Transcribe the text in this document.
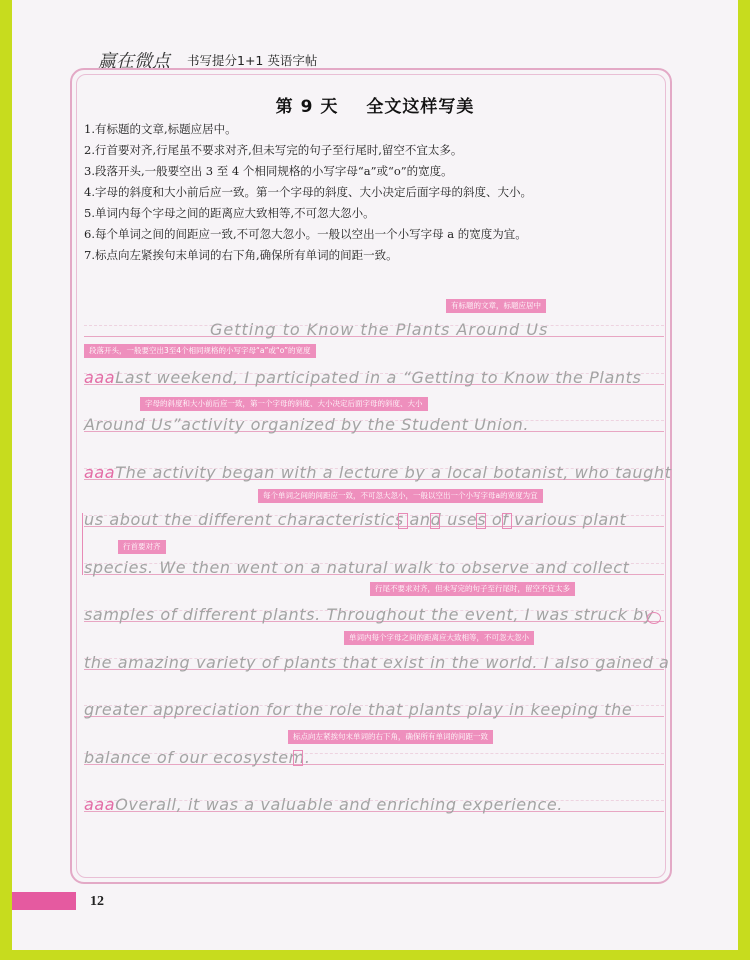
赢在微点 书写提分1+1 英语字帖
第 9 天 全文这样写美
1.有标题的文章,标题应居中。
2.行首要对齐,行尾虽不要求对齐,但未写完的句子至行尾时,留空不宜太多。
3.段落开头,一般要空出 3 至 4 个相同规格的小写字母“a”或“o”的宽度。
4.字母的斜度和大小前后应一致。第一个字母的斜度、大小决定后面字母的斜度、大小。
5.单词内每个字母之间的距离应大致相等,不可忽大忽小。
6.每个单词之间的间距应一致,不可忽大忽小。一般以空出一个小写字母 a 的宽度为宜。
7.标点向左紧挨句末单词的右下角,确保所有单词的间距一致。
Getting to Know the Plants Around Us
aaaLast weekend, I participated in a “Getting to Know the Plants
Around Us”activity organized by the Student Union.
aaaThe activity began with a lecture by a local botanist, who taught
us about the different characteristics and uses of various plant
species. We then went on a natural walk to observe and collect
samples of different plants. Throughout the event, I was struck by
the amazing variety of plants that exist in the world. I also gained a
greater appreciation for the role that plants play in keeping the
balance of our ecosystem.
aaaOverall, it was a valuable and enriching experience.
有标题的文章，标题应居中
段落开头，一般要空出3至4个相同规格的小写字母“a”或“o”的宽度
字母的斜度和大小前后应一致，第一个字母的斜度、大小决定后面字母的斜度、大小
每个单词之间的间距应一致，不可忽大忽小，一般以空出一个小写字母a的宽度为宜
行首要对齐
行尾不要求对齐，但未写完的句子至行尾时，留空不宜太多
单词内每个字母之间的距离应大致相等，不可忽大忽小
标点向左紧挨句末单词的右下角，确保所有单词的间距一致
12
